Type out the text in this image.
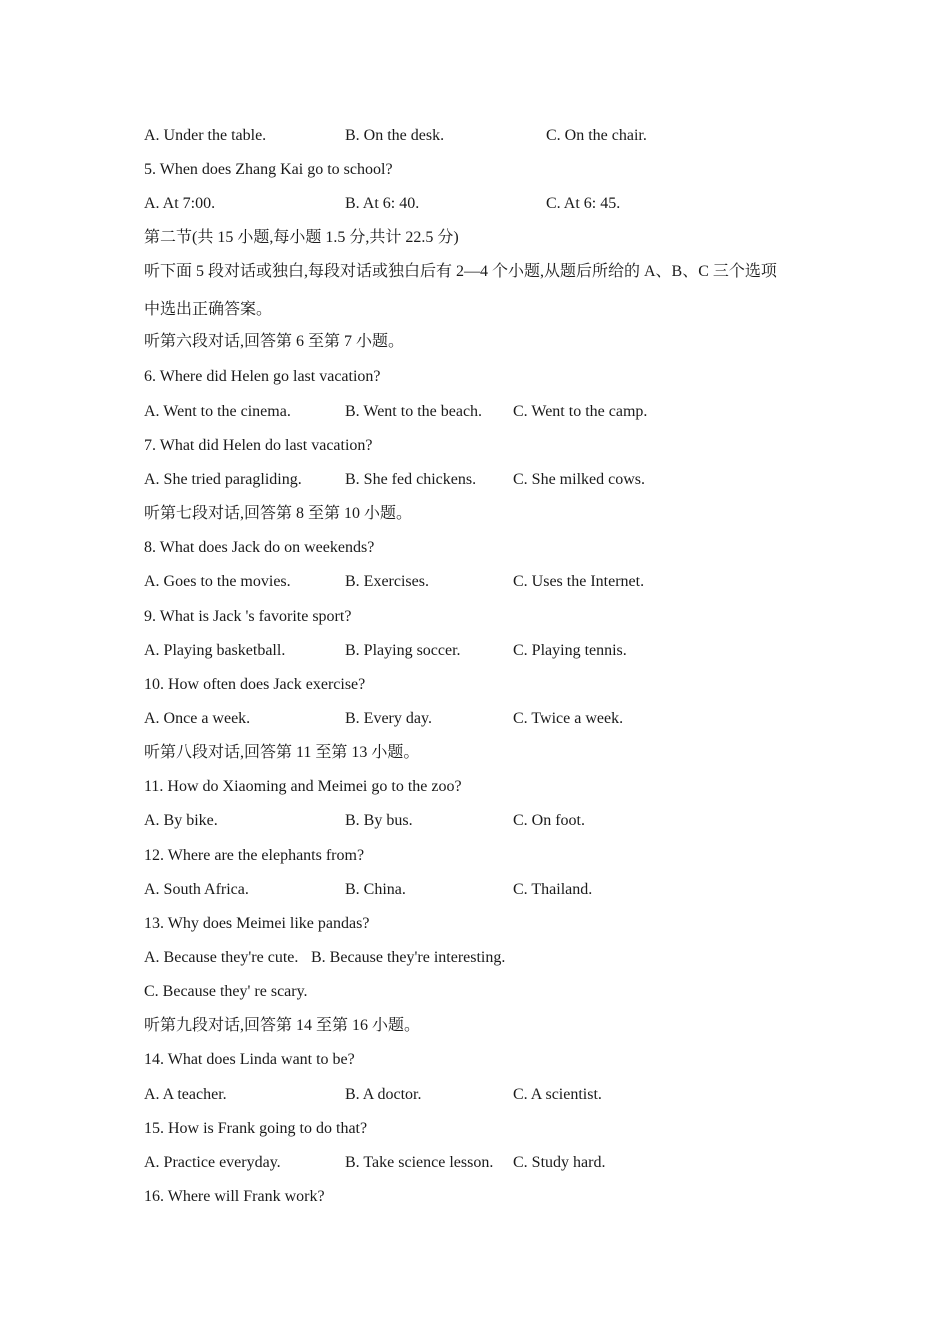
A. Under the table.	B. On the desk.	C. On the chair.
5. When does Zhang Kai go to school?
A. At 7:00.	B. At 6: 40.	C. At 6: 45.
第二节(共 15 小题,每小题 1.5 分,共计 22.5 分)
听下面 5 段对话或独白,每段对话或独白后有 2—4 个小题,从题后所给的 A、B、C 三个选项
中选出正确答案。
听第六段对话,回答第 6 至第 7 小题。
6. Where did Helen go last vacation?
A. Went to the cinema.	B. Went to the beach. C. Went to the camp.
7. What did Helen do last vacation?
A. She tried paragliding.	B. She fed chickens. C. She milked cows.
听第七段对话,回答第 8 至第 10 小题。
8. What does Jack do on weekends?
A. Goes to the movies.	B. Exercises.	C. Uses the Internet.
9. What is Jack 's favorite sport?
A. Playing basketball.	B. Playing soccer.	C. Playing tennis.
10. How often does Jack exercise?
A. Once a week.	B. Every day.	C. Twice a week.
听第八段对话,回答第 11 至第 13 小题。
11. How do Xiaoming and Meimei go to the zoo?
A. By bike.	B. By bus.	C. On foot.
12. Where are the elephants from?
A. South Africa.	B. China.	C. Thailand.
13. Why does Meimei like pandas?
A. Because they're cute. B. Because they're interesting.
C. Because they' re scary.
听第九段对话,回答第 14 至第 16 小题。
14. What does Linda want to be?
A. A teacher.	B. A doctor.	C. A scientist.
15. How is Frank going to do that?
A. Practice everyday.	B. Take science lesson. C. Study hard.
16. Where will Frank work?
